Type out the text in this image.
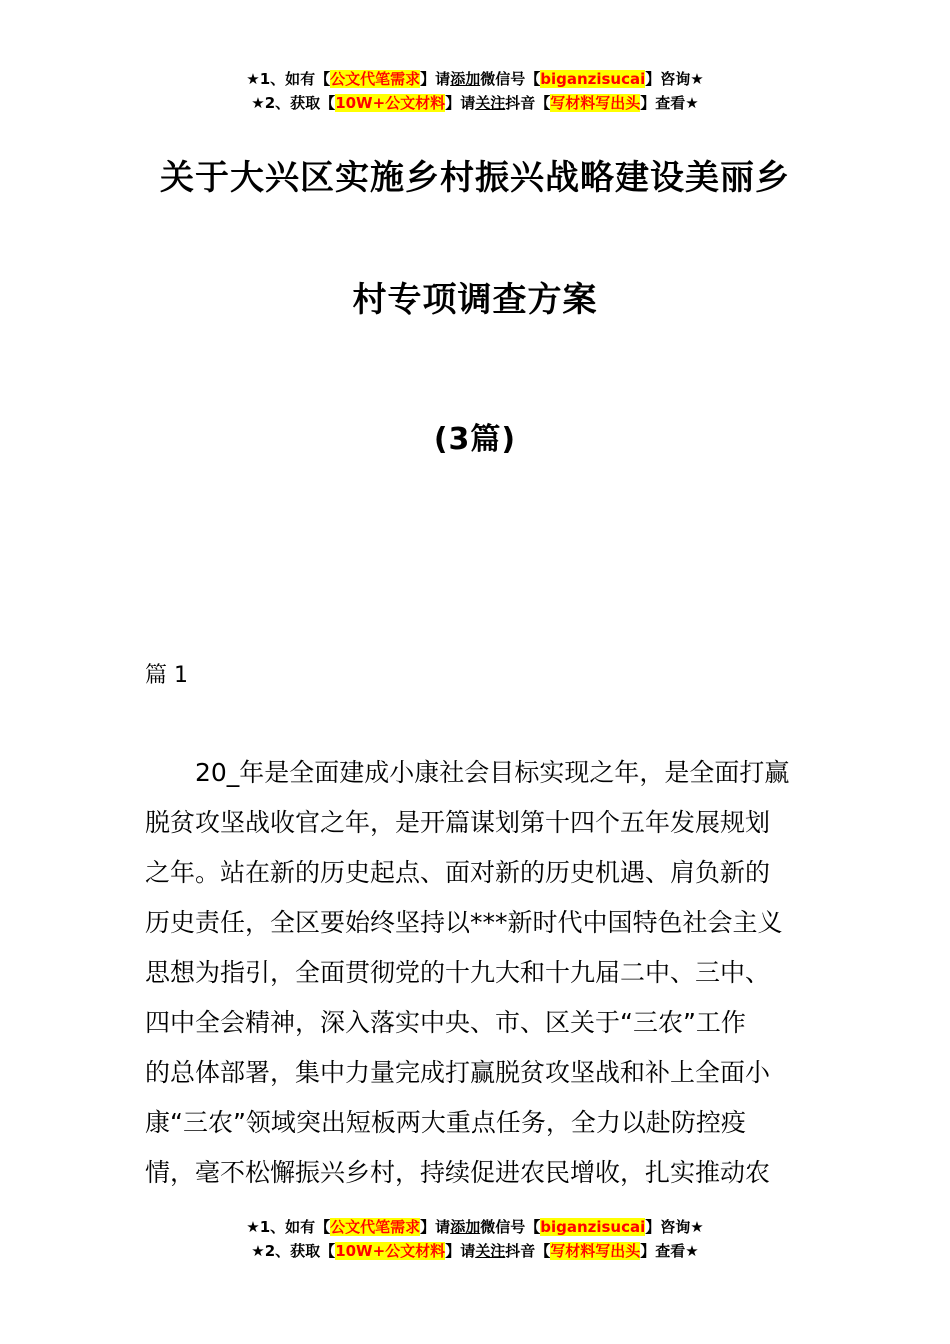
★1、如有【公文代笔需求】请添加微信号【biganzisucai】咨询★
★2、获取【10W+公文材料】请关注抖音【写材料写出头】查看★
关于大兴区实施乡村振兴战略建设美丽乡
村专项调查方案
(3篇)
篇 1
20_年是全面建成小康社会目标实现之年，是全面打赢
脱贫攻坚战收官之年，是开篇谋划第十四个五年发展规划
之年。站在新的历史起点、面对新的历史机遇、肩负新的
历史责任，全区要始终坚持以***新时代中国特色社会主义
思想为指引，全面贯彻党的十九大和十九届二中、三中、
四中全会精神，深入落实中央、市、区关于“三农”工作
的总体部署，集中力量完成打赢脱贫攻坚战和补上全面小
康“三农”领域突出短板两大重点任务，全力以赴防控疫
情，毫不松懈振兴乡村，持续促进农民增收，扎实推动农
★1、如有【公文代笔需求】请添加微信号【biganzisucai】咨询★
★2、获取【10W+公文材料】请关注抖音【写材料写出头】查看★
